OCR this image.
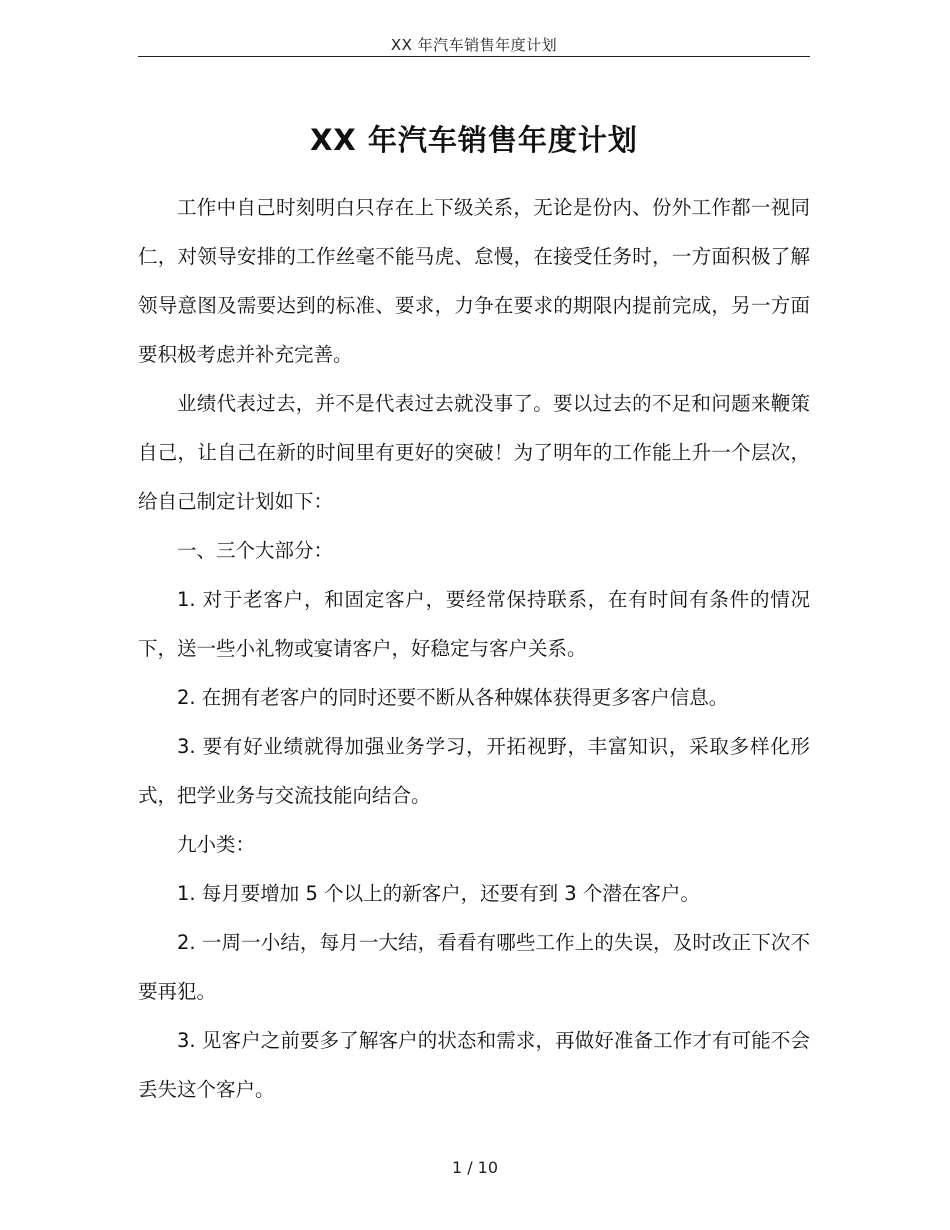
XX 年汽车销售年度计划
XX 年汽车销售年度计划

工作中自己时刻明白只存在上下级关系，无论是份内、份外工作都一视同仁，对领导安排的工作丝毫不能马虎、怠慢，在接受任务时，一方面积极了解领导意图及需要达到的标准、要求，力争在要求的期限内提前完成，另一方面要积极考虑并补充完善。

业绩代表过去，并不是代表过去就没事了。要以过去的不足和问题来鞭策自己，让自己在新的时间里有更好的突破！为了明年的工作能上升一个层次，给自己制定计划如下：

一、三个大部分：

1. 对于老客户，和固定客户，要经常保持联系，在有时间有条件的情况下，送一些小礼物或宴请客户，好稳定与客户关系。

2. 在拥有老客户的同时还要不断从各种媒体获得更多客户信息。

3. 要有好业绩就得加强业务学习，开拓视野，丰富知识，采取多样化形式，把学业务与交流技能向结合。

九小类：

1. 每月要增加 5 个以上的新客户，还要有到 3 个潜在客户。

2. 一周一小结，每月一大结，看看有哪些工作上的失误，及时改正下次不要再犯。

3. 见客户之前要多了解客户的状态和需求，再做好准备工作才有可能不会丢失这个客户。

1 / 10
